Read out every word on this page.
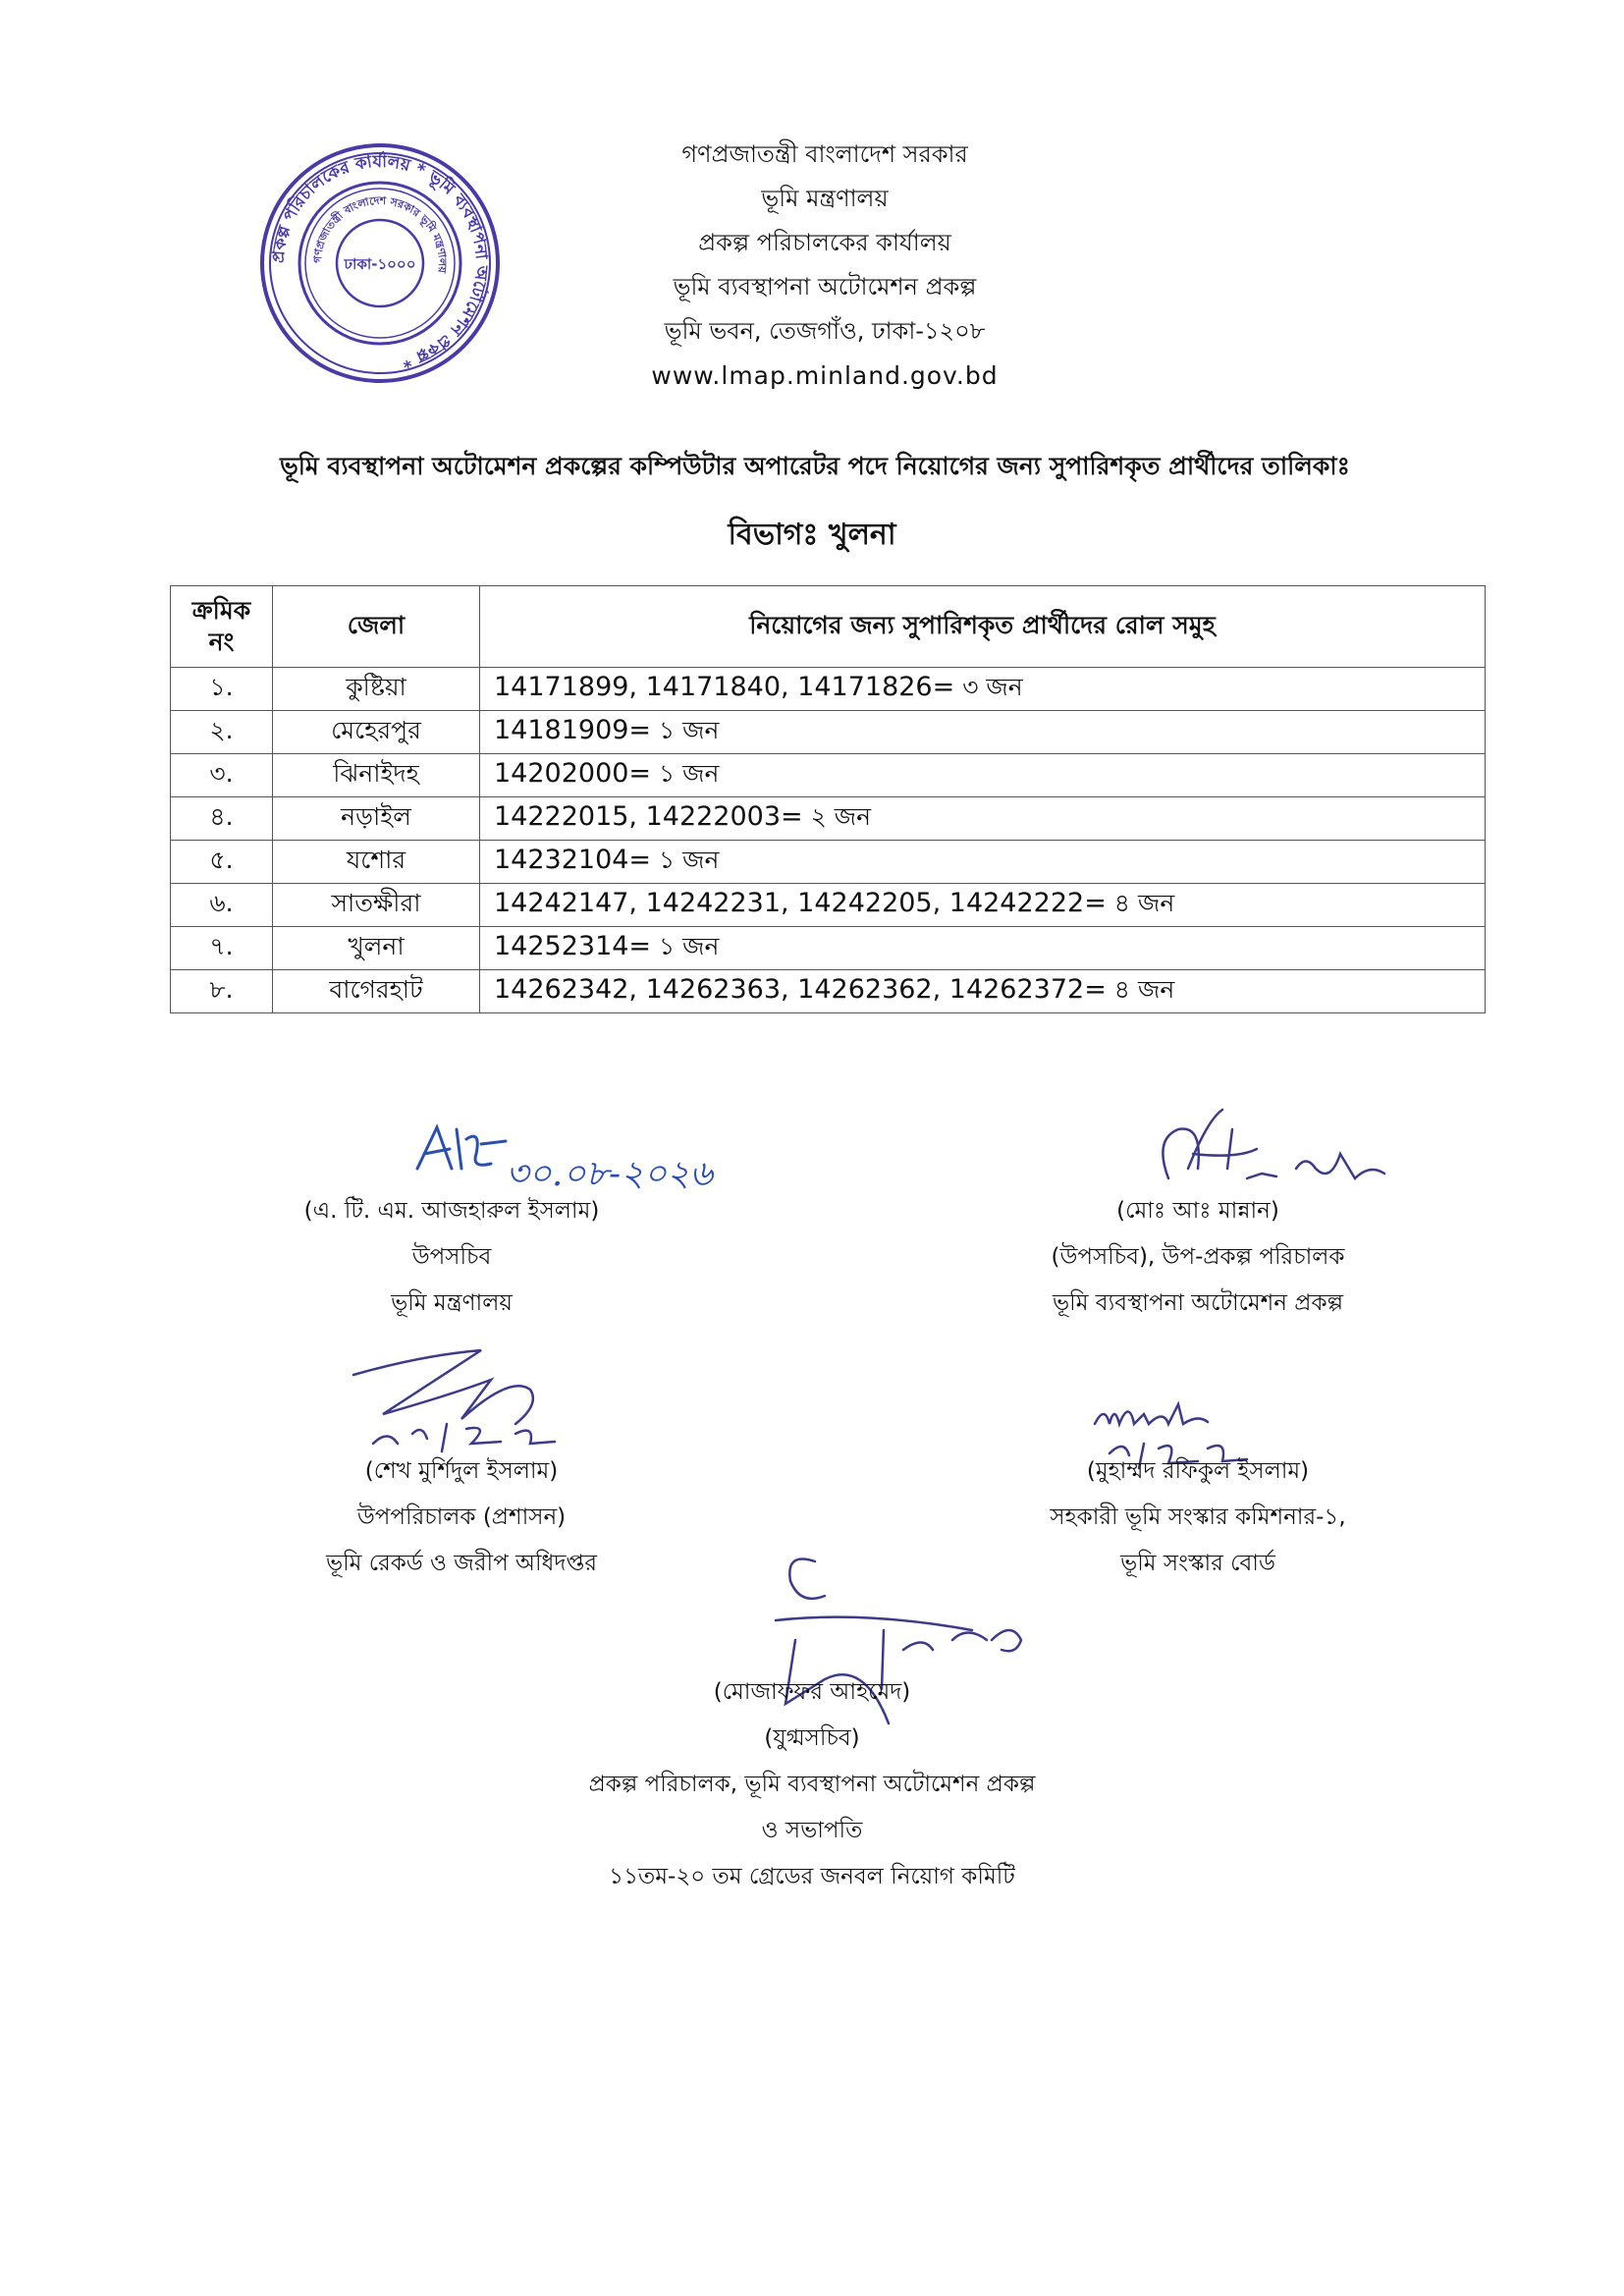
প্রকল্প পরিচালকের কার্যালয় * ভূমি ব্যবস্থাপনা অটোমেশন প্রকল্প *
গণপ্রজাতন্ত্রী বাংলাদেশ সরকার ভূমি মন্ত্রণালয়
ঢাকা-১০০০
গণপ্রজাতন্ত্রী বাংলাদেশ সরকার
ভূমি মন্ত্রণালয়
প্রকল্প পরিচালকের কার্যালয়
ভূমি ব্যবস্থাপনা অটোমেশন প্রকল্প
ভূমি ভবন, তেজগাঁও, ঢাকা-১২০৮
www.lmap.minland.gov.bd
ভূমি ব্যবস্থাপনা অটোমেশন প্রকল্পের কম্পিউটার অপারেটর পদে নিয়োগের জন্য সুপারিশকৃত প্রার্থীদের তালিকাঃ
বিভাগঃ খুলনা
ক্রমিক
নং	জেলা	নিয়োগের জন্য সুপারিশকৃত প্রার্থীদের রোল সমুহ
১.	কুষ্টিয়া	14171899, 14171840, 14171826= ৩ জন
২.	মেহেরপুর	14181909= ১ জন
৩.	ঝিনাইদহ	14202000= ১ জন
৪.	নড়াইল	14222015, 14222003= ২ জন
৫.	যশোর	14232104= ১ জন
৬.	সাতক্ষীরা	14242147, 14242231, 14242205, 14242222= ৪ জন
৭.	খুলনা	14252314= ১ জন
৮.	বাগেরহাট	14262342, 14262363, 14262362, 14262372= ৪ জন
৩০.০৮-২০২৬
(এ. টি. এম. আজহারুল ইসলাম)
উপসচিব
ভূমি মন্ত্রণালয়
(মোঃ আঃ মান্নান)
(উপসচিব), উপ-প্রকল্প পরিচালক
ভূমি ব্যবস্থাপনা অটোমেশন প্রকল্প
(শেখ মুর্শিদুল ইসলাম)
উপপরিচালক (প্রশাসন)
ভূমি রেকর্ড ও জরীপ অধিদপ্তর
(মুহাম্মদ রফিকুল ইসলাম)
সহকারী ভূমি সংস্কার কমিশনার-১,
ভূমি সংস্কার বোর্ড
(মোজাফফর আহমেদ)
(যুগ্মসচিব)
প্রকল্প পরিচালক, ভূমি ব্যবস্থাপনা অটোমেশন প্রকল্প
ও সভাপতি
১১তম-২০ তম গ্রেডের জনবল নিয়োগ কমিটি
